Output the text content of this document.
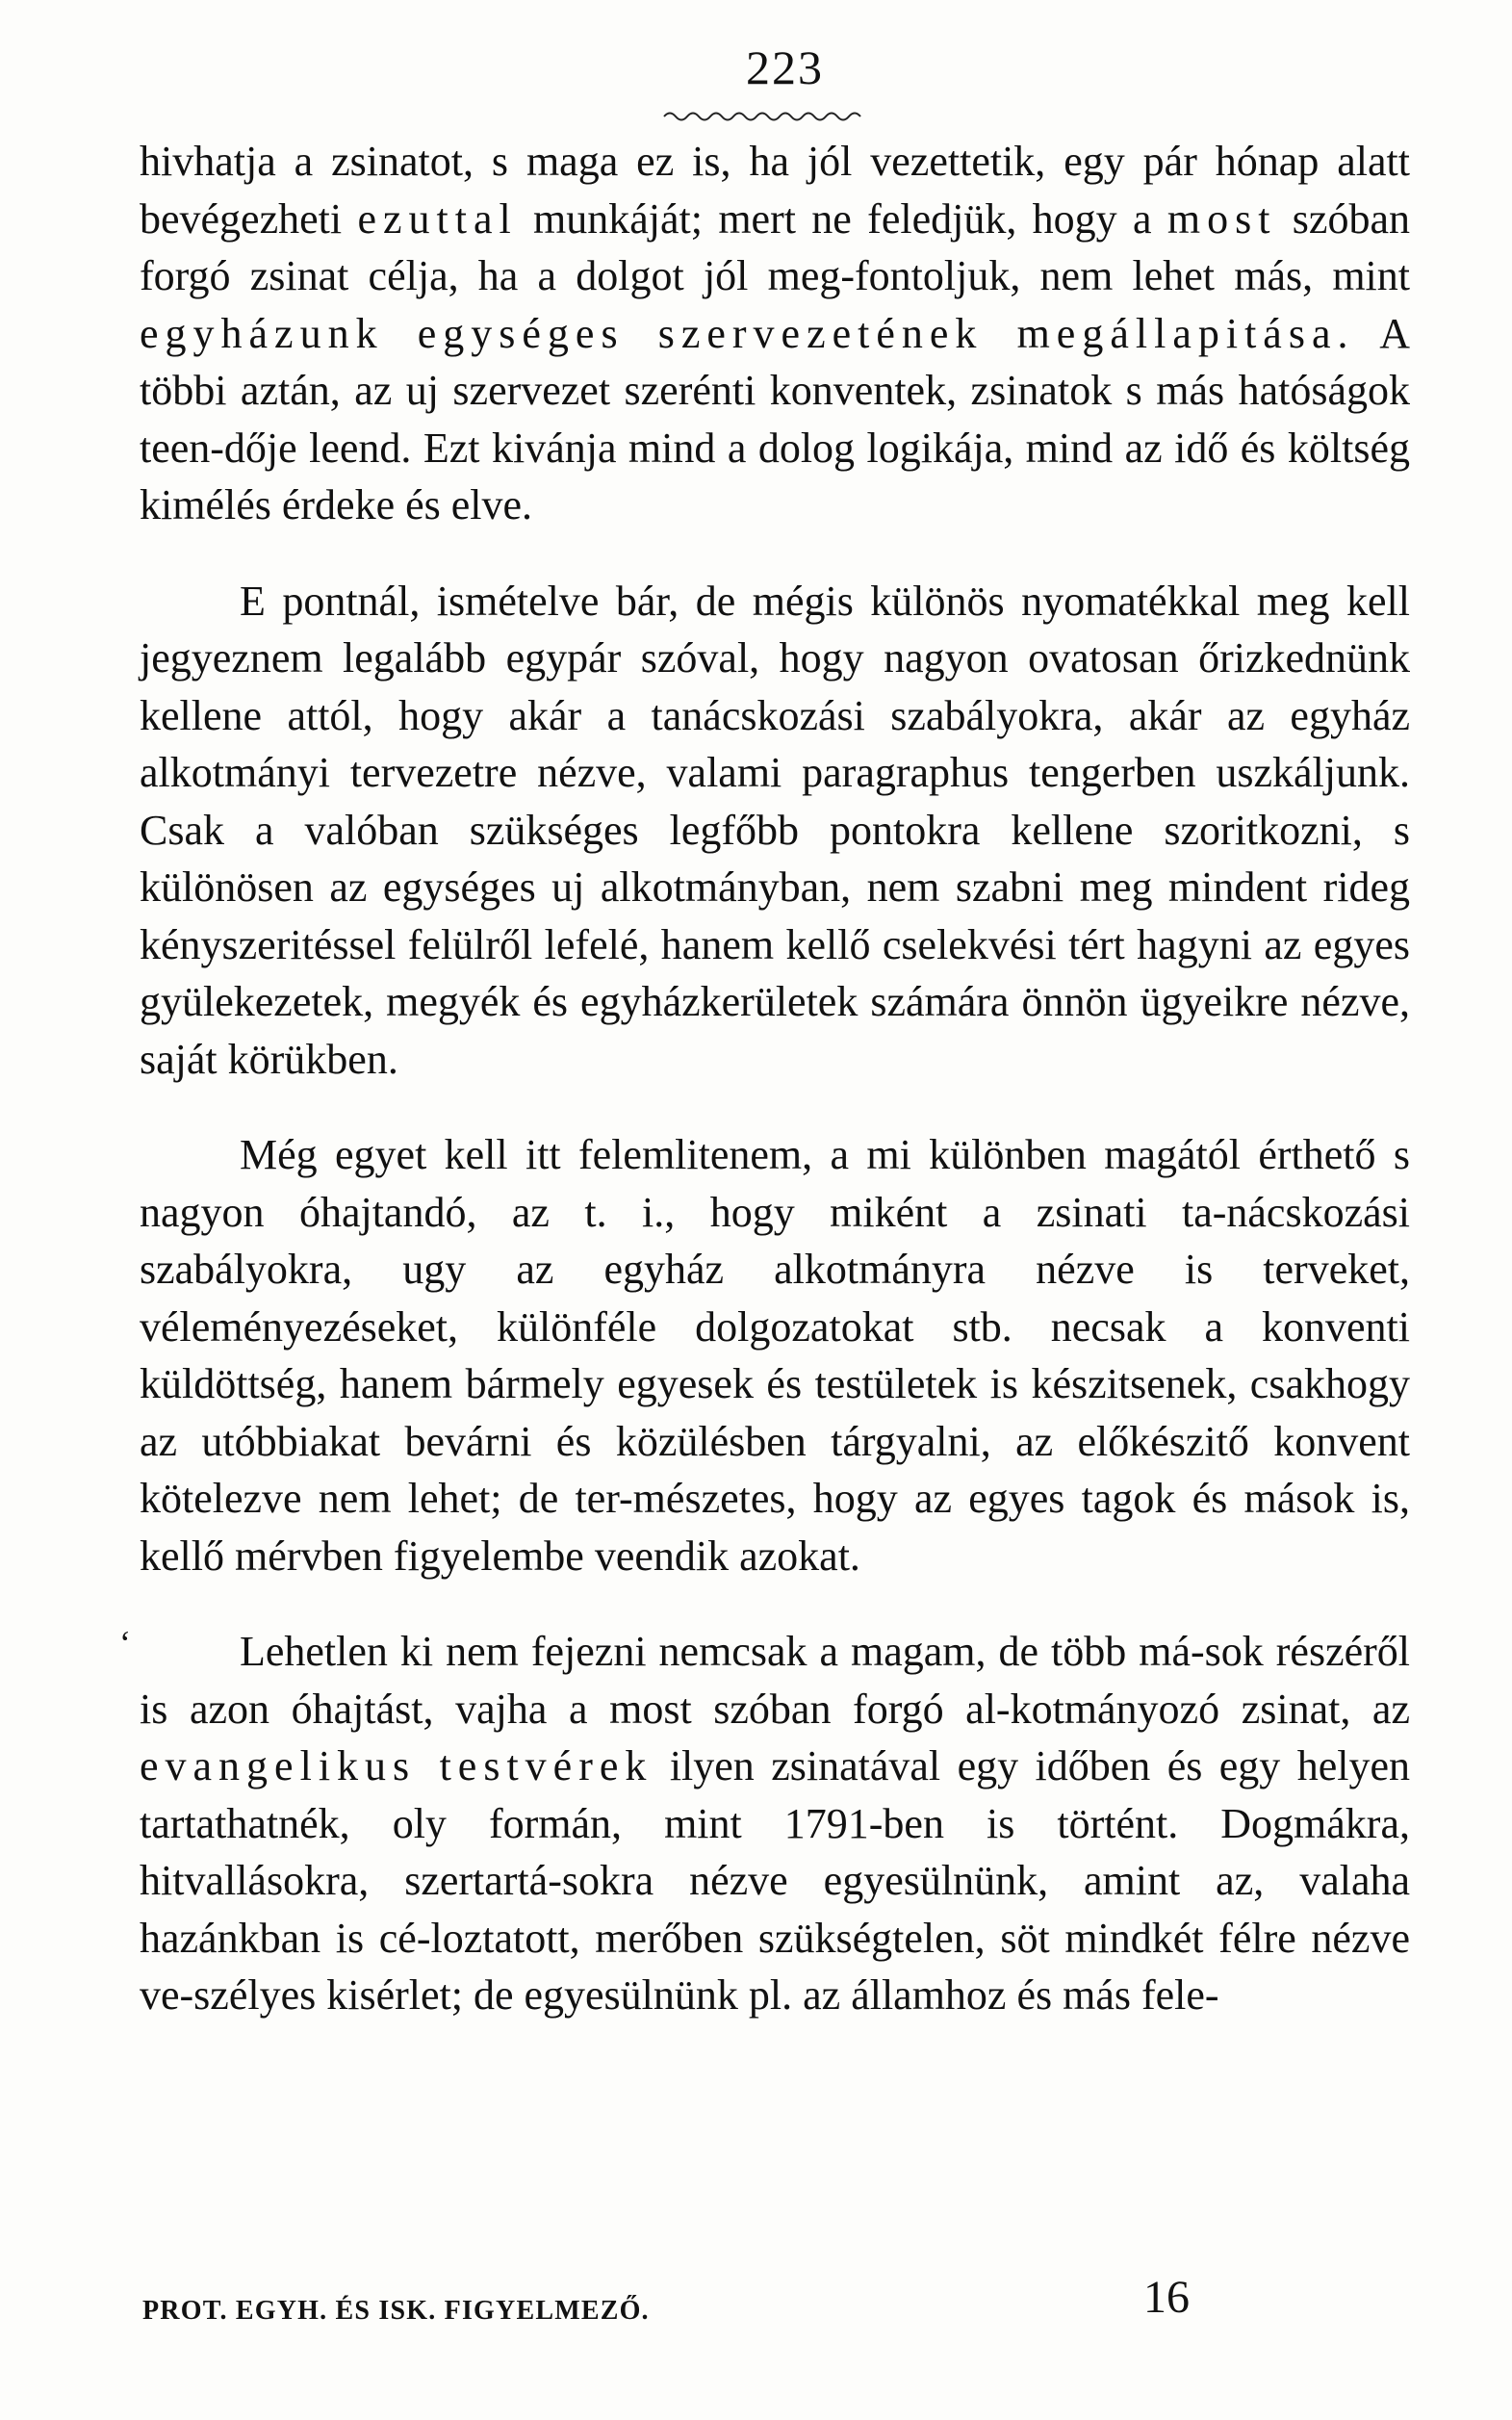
223

hivhatja a zsinatot, s maga ez is, ha jól vezettetik, egy pár hónap alatt bevégezheti ezuttal munkáját; mert ne feledjük, hogy a most szóban forgó zsinat célja, ha a dolgot jól meg-fontoljuk, nem lehet más, mint egyházunk egységes szervezetének megállapitása. A többi aztán, az uj szervezet szerénti konventek, zsinatok s más hatóságok teen-dője leend. Ezt kivánja mind a dolog logikája, mind az idő és költség kimélés érdeke és elve.

E pontnál, ismételve bár, de mégis különös nyomatékkal meg kell jegyeznem legalább egypár szóval, hogy nagyon ovatosan őrizkednünk kellene attól, hogy akár a tanácskozási szabályokra, akár az egyház alkotmányi tervezetre nézve, valami paragraphus tengerben uszkáljunk. Csak a valóban szükséges legfőbb pontokra kellene szoritkozni, s különösen az egységes uj alkotmányban, nem szabni meg mindent rideg kényszeritéssel felülről lefelé, hanem kellő cselekvési tért hagyni az egyes gyülekezetek, megyék és egyházkerületek számára önnön ügyeikre nézve, saját körükben.

Még egyet kell itt felemlitenem, a mi különben magától érthető s nagyon óhajtandó, az t. i., hogy miként a zsinati ta-nácskozási szabályokra, ugy az egyház alkotmányra nézve is terveket, véleményezéseket, különféle dolgozatokat stb. necsak a konventi küldöttség, hanem bármely egyesek és testületek is készitsenek, csakhogy az utóbbiakat bevárni és közülésben tárgyalni, az előkészitő konvent kötelezve nem lehet; de ter-mészetes, hogy az egyes tagok és mások is, kellő mérvben figyelembe veendik azokat.

Lehetlen ki nem fejezni nemcsak a magam, de több má-sok részéről is azon óhajtást, vajha a most szóban forgó al-kotmányozó zsinat, az evangelikus testvérek ilyen zsinatával egy időben és egy helyen tartathatnék, oly formán, mint 1791-ben is történt. Dogmákra, hitvallásokra, szertartá-sokra nézve egyesülnünk, amint az, valaha hazánkban is cé-loztatott, merőben szükségtelen, söt mindkét félre nézve ve-szélyes kisérlet; de egyesülnünk pl. az államhoz és más fele-

‘
PROT. EGYH. ÉS ISK. FIGYELMEZŐ.	16
